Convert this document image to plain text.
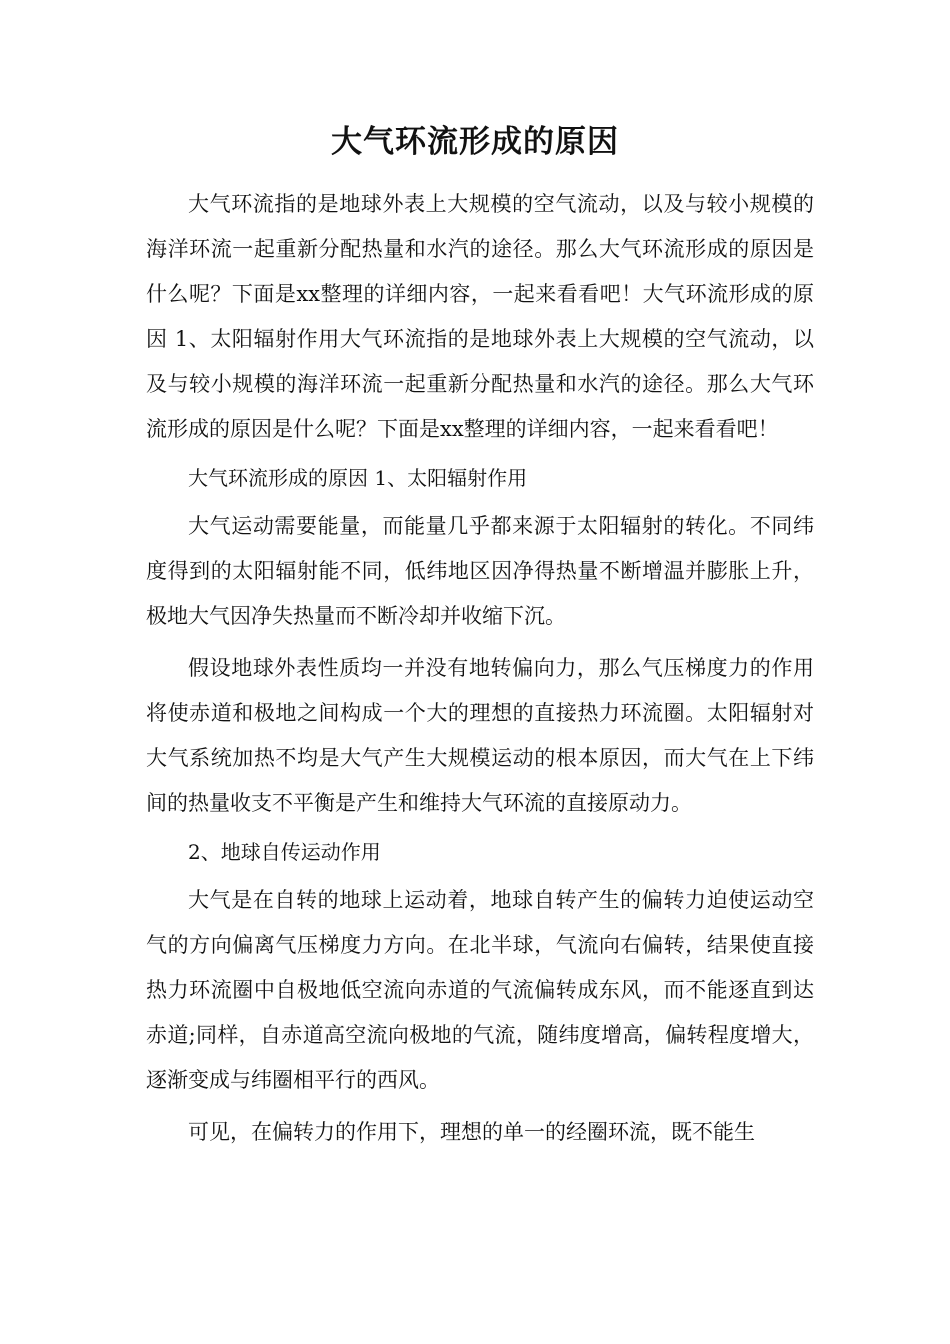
大气环流形成的原因

大气环流指的是地球外表上大规模的空气流动，以及与较小规模的海洋环流一起重新分配热量和水汽的途径。那么大气环流形成的原因是什么呢？下面是xx整理的详细内容，一起来看看吧！大气环流形成的原因 1、太阳辐射作用大气环流指的是地球外表上大规模的空气流动，以及与较小规模的海洋环流一起重新分配热量和水汽的途径。那么大气环流形成的原因是什么呢？下面是xx整理的详细内容，一起来看看吧！

大气环流形成的原因 1、太阳辐射作用

大气运动需要能量，而能量几乎都来源于太阳辐射的转化。不同纬度得到的太阳辐射能不同，低纬地区因净得热量不断增温并膨胀上升，极地大气因净失热量而不断冷却并收缩下沉。

假设地球外表性质均一并没有地转偏向力，那么气压梯度力的作用将使赤道和极地之间构成一个大的理想的直接热力环流圈。太阳辐射对大气系统加热不均是大气产生大规模运动的根本原因，而大气在上下纬间的热量收支不平衡是产生和维持大气环流的直接原动力。

2、地球自传运动作用

大气是在自转的地球上运动着，地球自转产生的偏转力迫使运动空气的方向偏离气压梯度力方向。在北半球，气流向右偏转，结果使直接热力环流圈中自极地低空流向赤道的气流偏转成东风，而不能逐直到达赤道;同样，自赤道高空流向极地的气流，随纬度增高，偏转程度增大，逐渐变成与纬圈相平行的西风。

可见，在偏转力的作用下，理想的单一的经圈环流，既不能生
